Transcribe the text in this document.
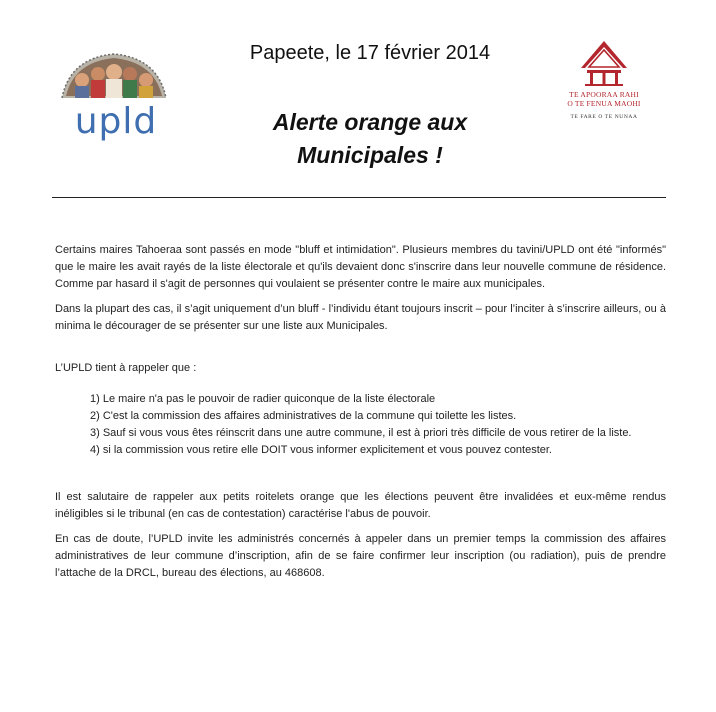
upld
Papeete, le 17 février 2014
Alerte orange aux
Municipales !
TE APOORAA RAHI
O TE FENUA MAOHI
TE FARE O TE NUNAA

Certains maires Tahoeraa sont passés en mode "bluff et intimidation". Plusieurs membres du tavini/UPLD ont été "informés" que le maire les avait rayés de la liste électorale et qu'ils devaient donc s'inscrire dans leur nouvelle commune de résidence. Comme par hasard il s'agit de personnes qui voulaient se présenter contre le maire aux municipales.

Dans la plupart des cas, il s’agit uniquement d’un bluff - l’individu étant toujours inscrit – pour l’inciter à s’inscrire ailleurs, ou à minima le décourager de se présenter sur une liste aux Municipales.

L’UPLD tient à rappeler que :

1) Le maire n'a pas le pouvoir de radier quiconque de la liste électorale
2) C'est la commission des affaires administratives de la commune qui toilette les listes.
3) Sauf si vous vous êtes réinscrit dans une autre commune, il est à priori très difficile de vous retirer de la liste.
4) si la commission vous retire elle DOIT vous informer explicitement et vous pouvez contester.

Il est salutaire de rappeler aux petits roitelets orange que les élections peuvent être invalidées et eux-même rendus inéligibles si le tribunal (en cas de contestation) caractérise l'abus de pouvoir.

En cas de doute, l’UPLD invite les administrés concernés à appeler dans un premier temps la commission des affaires administratives de leur commune d’inscription, afin de se faire confirmer leur inscription (ou radiation), puis de prendre l’attache de la DRCL, bureau des élections, au 468608.
